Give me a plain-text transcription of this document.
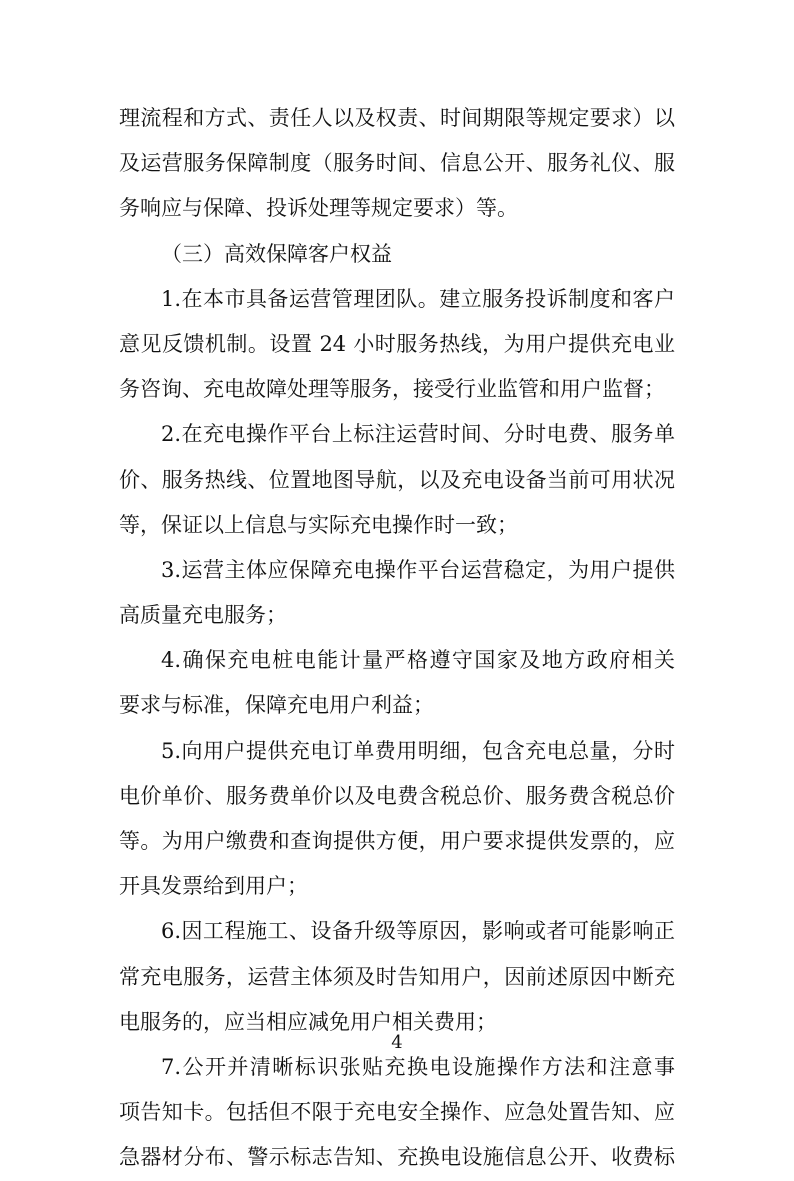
理流程和方式、责任人以及权责、时间期限等规定要求）以
及运营服务保障制度（服务时间、信息公开、服务礼仪、服
务响应与保障、投诉处理等规定要求）等。
（三）高效保障客户权益
1.在本市具备运营管理团队。建立服务投诉制度和客户
意见反馈机制。设置 24 小时服务热线，为用户提供充电业
务咨询、充电故障处理等服务，接受行业监管和用户监督；
2.在充电操作平台上标注运营时间、分时电费、服务单
价、服务热线、位置地图导航，以及充电设备当前可用状况
等，保证以上信息与实际充电操作时一致；
3.运营主体应保障充电操作平台运营稳定，为用户提供
高质量充电服务；
4.确保充电桩电能计量严格遵守国家及地方政府相关
要求与标准，保障充电用户利益；
5.向用户提供充电订单费用明细，包含充电总量，分时
电价单价、服务费单价以及电费含税总价、服务费含税总价
等。为用户缴费和查询提供方便，用户要求提供发票的，应
开具发票给到用户；
6.因工程施工、设备升级等原因，影响或者可能影响正
常充电服务，运营主体须及时告知用户，因前述原因中断充
电服务的，应当相应减免用户相关费用；
7.公开并清晰标识张贴充换电设施操作方法和注意事
项告知卡。包括但不限于充电安全操作、应急处置告知、应
急器材分布、警示标志告知、充换电设施信息公开、收费标
4
